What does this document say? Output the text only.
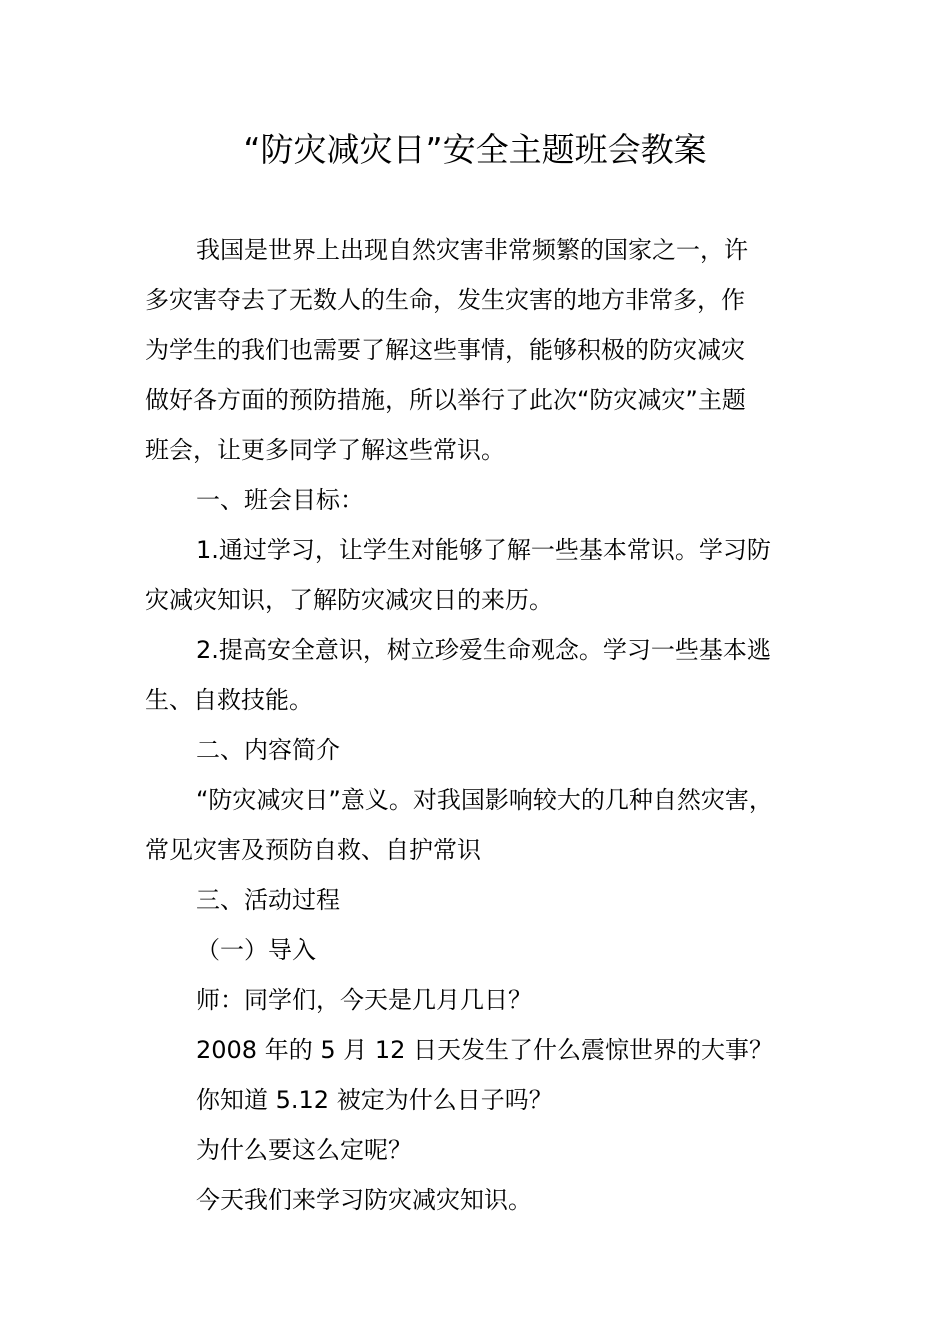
“防灾减灾日”安全主题班会教案

我国是世界上出现自然灾害非常频繁的国家之一，许

多灾害夺去了无数人的生命，发生灾害的地方非常多，作

为学生的我们也需要了解这些事情，能够积极的防灾减灾

做好各方面的预防措施，所以举行了此次“防灾减灾”主题

班会，让更多同学了解这些常识。

一、班会目标：

1.通过学习，让学生对能够了解一些基本常识。学习防

灾减灾知识，了解防灾减灾日的来历。

2.提高安全意识，树立珍爱生命观念。学习一些基本逃

生、自救技能。

二、内容简介

“防灾减灾日”意义。对我国影响较大的几种自然灾害，

常见灾害及预防自救、自护常识

三、活动过程

（一）导入

师：同学们，今天是几月几日？

2008 年的 5 月 12 日天发生了什么震惊世界的大事？

你知道 5.12 被定为什么日子吗？

为什么要这么定呢？

今天我们来学习防灾减灾知识。
